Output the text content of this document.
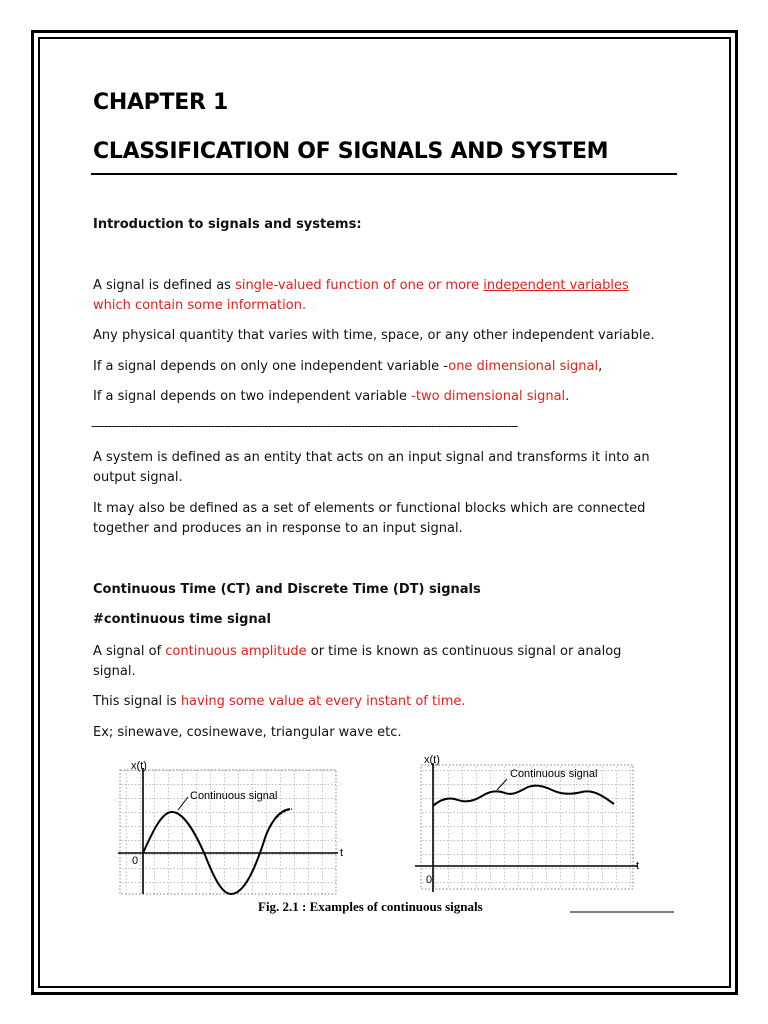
CHAPTER 1
CLASSIFICATION OF SIGNALS AND SYSTEM
Introduction to signals and systems:
A signal is defined as single-valued function of one or more independent variables
which contain some information.
Any physical quantity that varies with time, space, or any other independent variable.
If a signal depends on only one independent variable -one dimensional signal,
If a signal depends on two independent variable -two dimensional signal.
--------------------------------------------------------------------------------------------------------------------------------
A system is defined as an entity that acts on an input signal and transforms it into an
output signal.
It may also be defined as a set of elements or functional blocks which are connected
together and produces an in response to an input signal.
Continuous Time (CT) and Discrete Time (DT) signals
#continuous time signal
A signal of continuous amplitude or time is known as continuous signal or analog
signal.
This signal is having some value at every instant of time.
Ex; sinewave, cosinewave, triangular wave etc.
x(t)
t
0
Continuous signal
x(t)
t
0
Continuous signal
Fig. 2.1 : Examples of continuous signals
